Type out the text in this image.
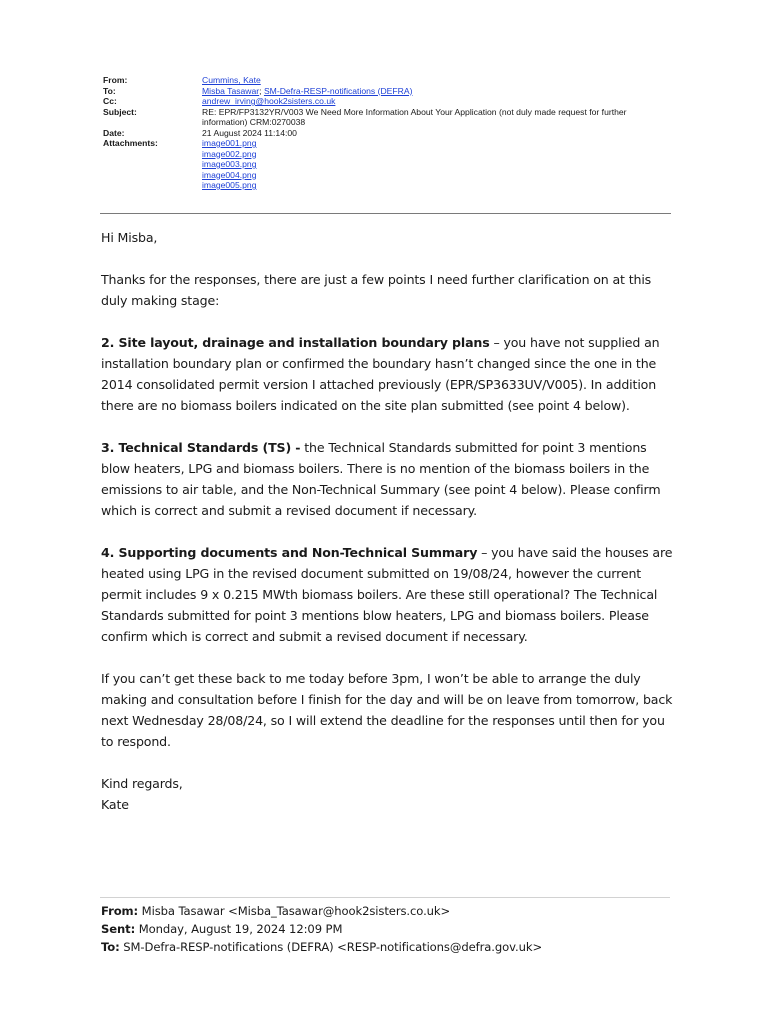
From:	Cummins, Kate
To:	Misba Tasawar; SM-Defra-RESP-notifications (DEFRA)
Cc:	andrew_irving@hook2sisters.co.uk
Subject:	RE: EPR/FP3132YR/V003 We Need More Information About Your Application (not duly made request for further information) CRM:0270038
Date:	21 August 2024 11:14:00
Attachments:	image001.png
image002.png
image003.png
image004.png
image005.png

Hi Misba,

Thanks for the responses, there are just a few points I need further clarification on at this duly making stage:

2. Site layout, drainage and installation boundary plans – you have not supplied an installation boundary plan or confirmed the boundary hasn’t changed since the one in the 2014 consolidated permit version I attached previously (EPR/SP3633UV/V005). In addition there are no biomass boilers indicated on the site plan submitted (see point 4 below).

3. Technical Standards (TS) - the Technical Standards submitted for point 3 mentions blow heaters, LPG and biomass boilers. There is no mention of the biomass boilers in the emissions to air table, and the Non-Technical Summary (see point 4 below). Please confirm which is correct and submit a revised document if necessary.

4. Supporting documents and Non-Technical Summary – you have said the houses are heated using LPG in the revised document submitted on 19/08/24, however the current permit includes 9 x 0.215 MWth biomass boilers. Are these still operational? The Technical Standards submitted for point 3 mentions blow heaters, LPG and biomass boilers. Please confirm which is correct and submit a revised document if necessary.

If you can’t get these back to me today before 3pm, I won’t be able to arrange the duly making and consultation before I finish for the day and will be on leave from tomorrow, back next Wednesday 28/08/24, so I will extend the deadline for the responses until then for you to respond.

Kind regards,
Kate

From: Misba Tasawar <Misba_Tasawar@hook2sisters.co.uk>
Sent: Monday, August 19, 2024 12:09 PM
To: SM-Defra-RESP-notifications (DEFRA) <RESP-notifications@defra.gov.uk>
